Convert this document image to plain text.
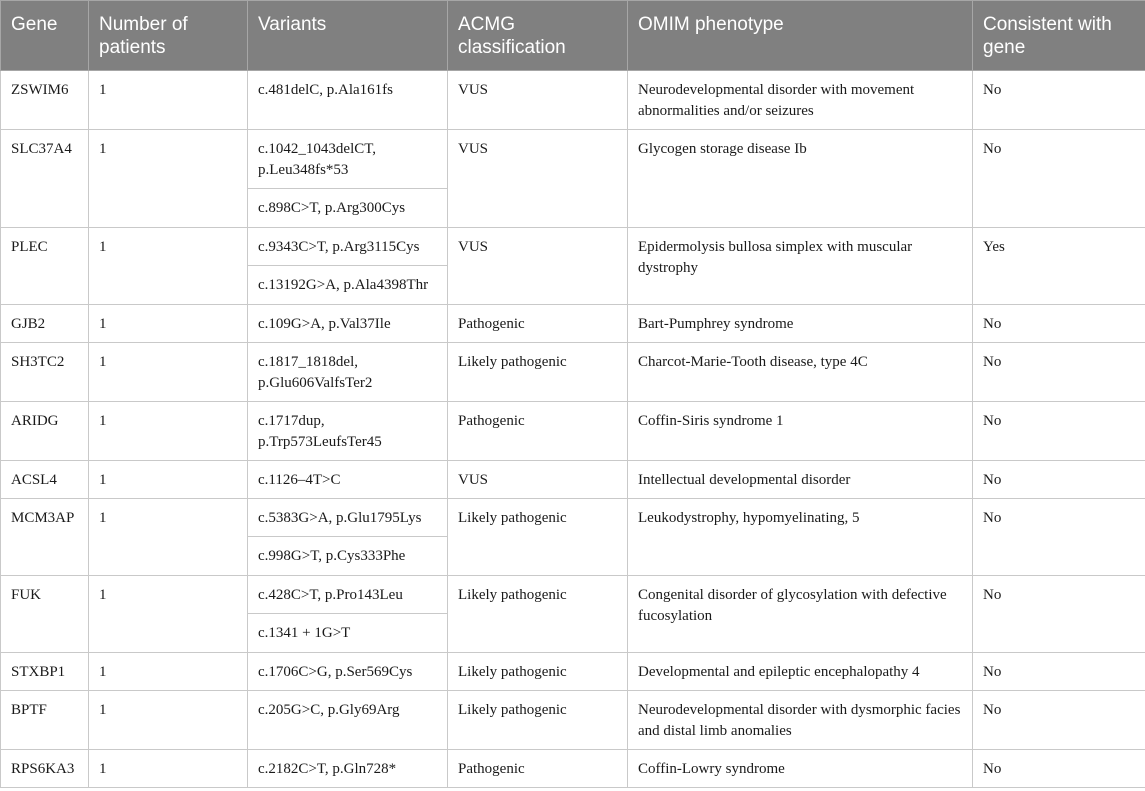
Gene	Number of patients	Variants	ACMG classification	OMIM phenotype	Consistent with gene
ZSWIM6	1	c.481delC, p.Ala161fs	VUS	Neurodevelopmental disorder with movement abnormalities and/or seizures	No
SLC37A4	1	c.1042_1043delCT, p.Leu348fs*53	VUS	Glycogen storage disease Ib	No
		c.898C>T, p.Arg300Cys			
PLEC	1	c.9343C>T, p.Arg3115Cys	VUS	Epidermolysis bullosa simplex with muscular dystrophy	Yes
		c.13192G>A, p.Ala4398Thr			
GJB2	1	c.109G>A, p.Val37Ile	Pathogenic	Bart-Pumphrey syndrome	No
SH3TC2	1	c.1817_1818del, p.Glu606ValfsTer2	Likely pathogenic	Charcot-Marie-Tooth disease, type 4C	No
ARIDG	1	c.1717dup, p.Trp573LeufsTer45	Pathogenic	Coffin-Siris syndrome 1	No
ACSL4	1	c.1126–4T>C	VUS	Intellectual developmental disorder	No
MCM3AP	1	c.5383G>A, p.Glu1795Lys	Likely pathogenic	Leukodystrophy, hypomyelinating, 5	No
		c.998G>T, p.Cys333Phe			
FUK	1	c.428C>T, p.Pro143Leu	Likely pathogenic	Congenital disorder of glycosylation with defective fucosylation	No
		c.1341 + 1G>T			
STXBP1	1	c.1706C>G, p.Ser569Cys	Likely pathogenic	Developmental and epileptic encephalopathy 4	No
BPTF	1	c.205G>C, p.Gly69Arg	Likely pathogenic	Neurodevelopmental disorder with dysmorphic facies and distal limb anomalies	No
RPS6KA3	1	c.2182C>T, p.Gln728*	Pathogenic	Coffin-Lowry syndrome	No
